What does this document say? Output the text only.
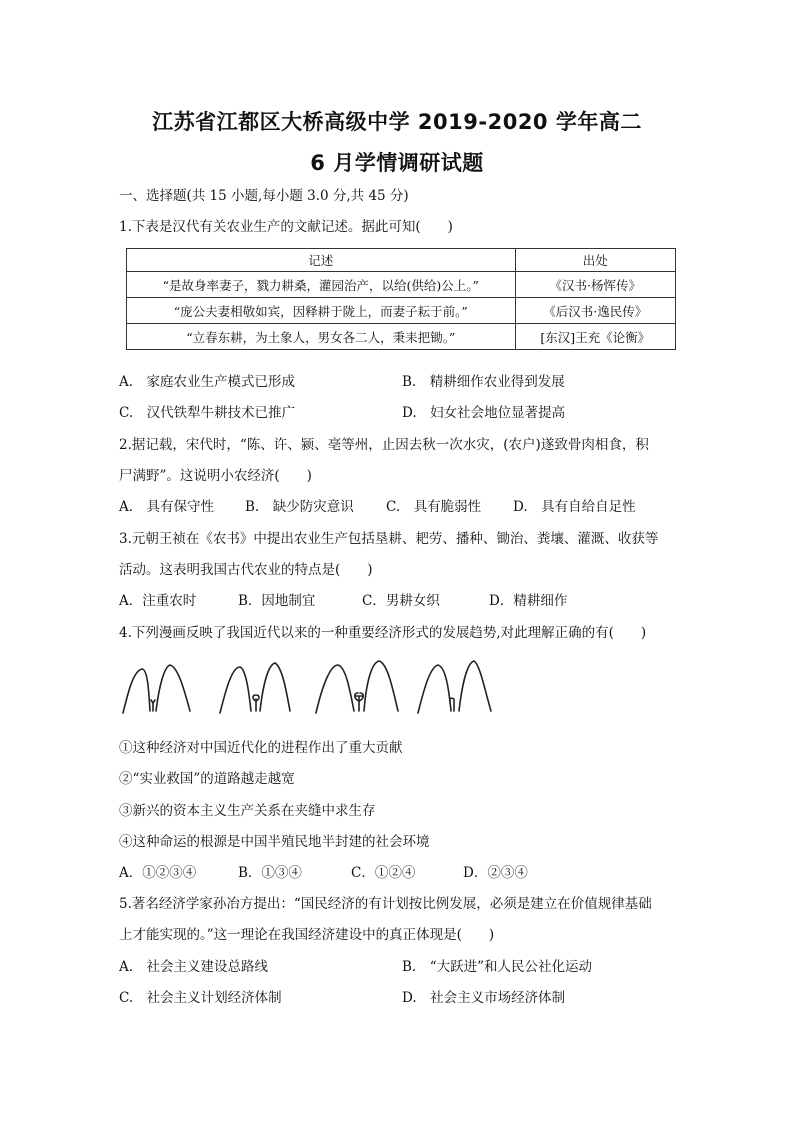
江苏省江都区大桥高级中学 2019-2020 学年高二
6 月学情调研试题
一、选择题(共 15 小题,每小题 3.0 分,共 45 分)
1.下表是汉代有关农业生产的文献记述。据此可知(　　)
记述	出处
“是故身率妻子，戮力耕桑，灌园治产，以给(供给)公上。”	《汉书·杨恽传》
“庞公夫妻相敬如宾，因释耕于陇上，而妻子耘于前。”	《后汉书·逸民传》
“立春东耕，为土象人，男女各二人，秉耒把锄。”	[东汉]王充《论衡》
A.　家庭农业生产模式已形成	B.　精耕细作农业得到发展
C.　汉代铁犁牛耕技术已推广	D.　妇女社会地位显著提高
2.据记载，宋代时，“陈、许、颍、亳等州，止因去秋一次水灾，(农户)遂致骨肉相食，积
尸满野”。这说明小农经济(　　)
A.　具有保守性 B.　缺少防灾意识 C.　具有脆弱性 D.　具有自给自足性
3.元朝王祯在《农书》中提出农业生产包括垦耕、耙劳、播种、锄治、粪壤、灌溉、收获等
活动。这表明我国古代农业的特点是(　　)
A．注重农时	B．因地制宜	C．男耕女织	D．精耕细作
4.下列漫画反映了我国近代以来的一种重要经济形式的发展趋势,对此理解正确的有(　　)
①这种经济对中国近代化的进程作出了重大贡献
②“实业救国”的道路越走越宽
③新兴的资本主义生产关系在夹缝中求生存
④这种命运的根源是中国半殖民地半封建的社会环境
A．①②③④	B．①③④	C．①②④	D．②③④
5.著名经济学家孙冶方提出：“国民经济的有计划按比例发展，必须是建立在价值规律基础
上才能实现的。”这一理论在我国经济建设中的真正体现是(　　)
A.　社会主义建设总路线	B.　“大跃进”和人民公社化运动
C.　社会主义计划经济体制	D.　社会主义市场经济体制
